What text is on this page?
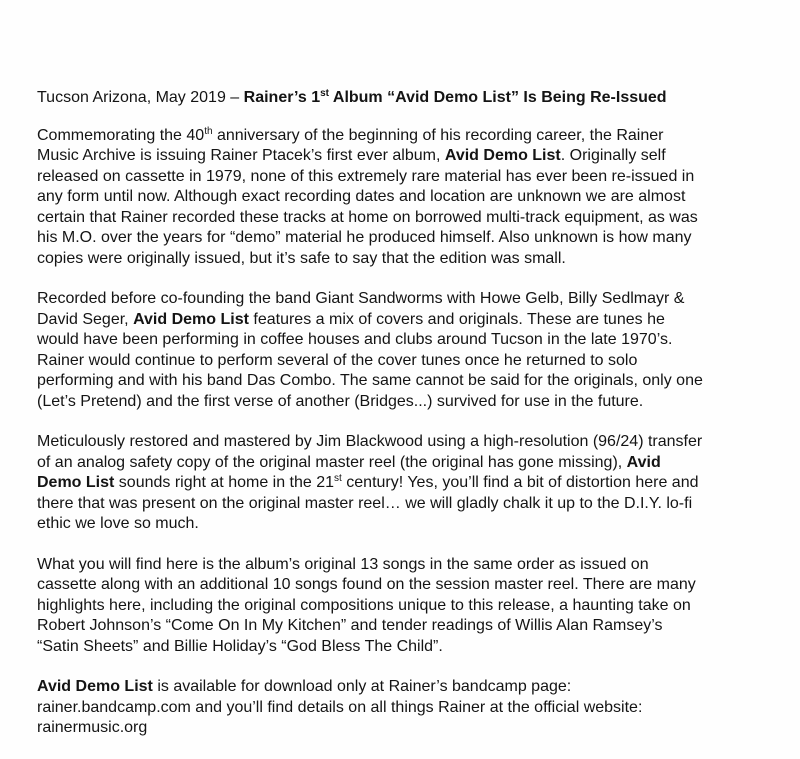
Tucson Arizona, May 2019 – Rainer’s 1st Album “Avid Demo List” Is Being Re-Issued

Commemorating the 40th anniversary of the beginning of his recording career, the Rainer
Music Archive is issuing Rainer Ptacek’s first ever album, Avid Demo List. Originally self
released on cassette in 1979, none of this extremely rare material has ever been re-issued in
any form until now. Although exact recording dates and location are unknown we are almost
certain that Rainer recorded these tracks at home on borrowed multi-track equipment, as was
his M.O. over the years for “demo” material he produced himself. Also unknown is how many
copies were originally issued, but it’s safe to say that the edition was small.
Recorded before co-founding the band Giant Sandworms with Howe Gelb, Billy Sedlmayr &
David Seger, Avid Demo List features a mix of covers and originals. These are tunes he
would have been performing in coffee houses and clubs around Tucson in the late 1970’s.
Rainer would continue to perform several of the cover tunes once he returned to solo
performing and with his band Das Combo. The same cannot be said for the originals, only one
(Let’s Pretend) and the first verse of another (Bridges...) survived for use in the future.
Meticulously restored and mastered by Jim Blackwood using a high-resolution (96/24) transfer
of an analog safety copy of the original master reel (the original has gone missing), Avid
Demo List sounds right at home in the 21st century! Yes, you’ll find a bit of distortion here and
there that was present on the original master reel… we will gladly chalk it up to the D.I.Y. lo-fi
ethic we love so much.
What you will find here is the album’s original 13 songs in the same order as issued on
cassette along with an additional 10 songs found on the session master reel. There are many
highlights here, including the original compositions unique to this release, a haunting take on
Robert Johnson’s “Come On In My Kitchen” and tender readings of Willis Alan Ramsey’s
“Satin Sheets” and Billie Holiday’s “God Bless The Child”.
Avid Demo List is available for download only at Rainer’s bandcamp page:
rainer.bandcamp.com and you’ll find details on all things Rainer at the official website:
rainermusic.org
